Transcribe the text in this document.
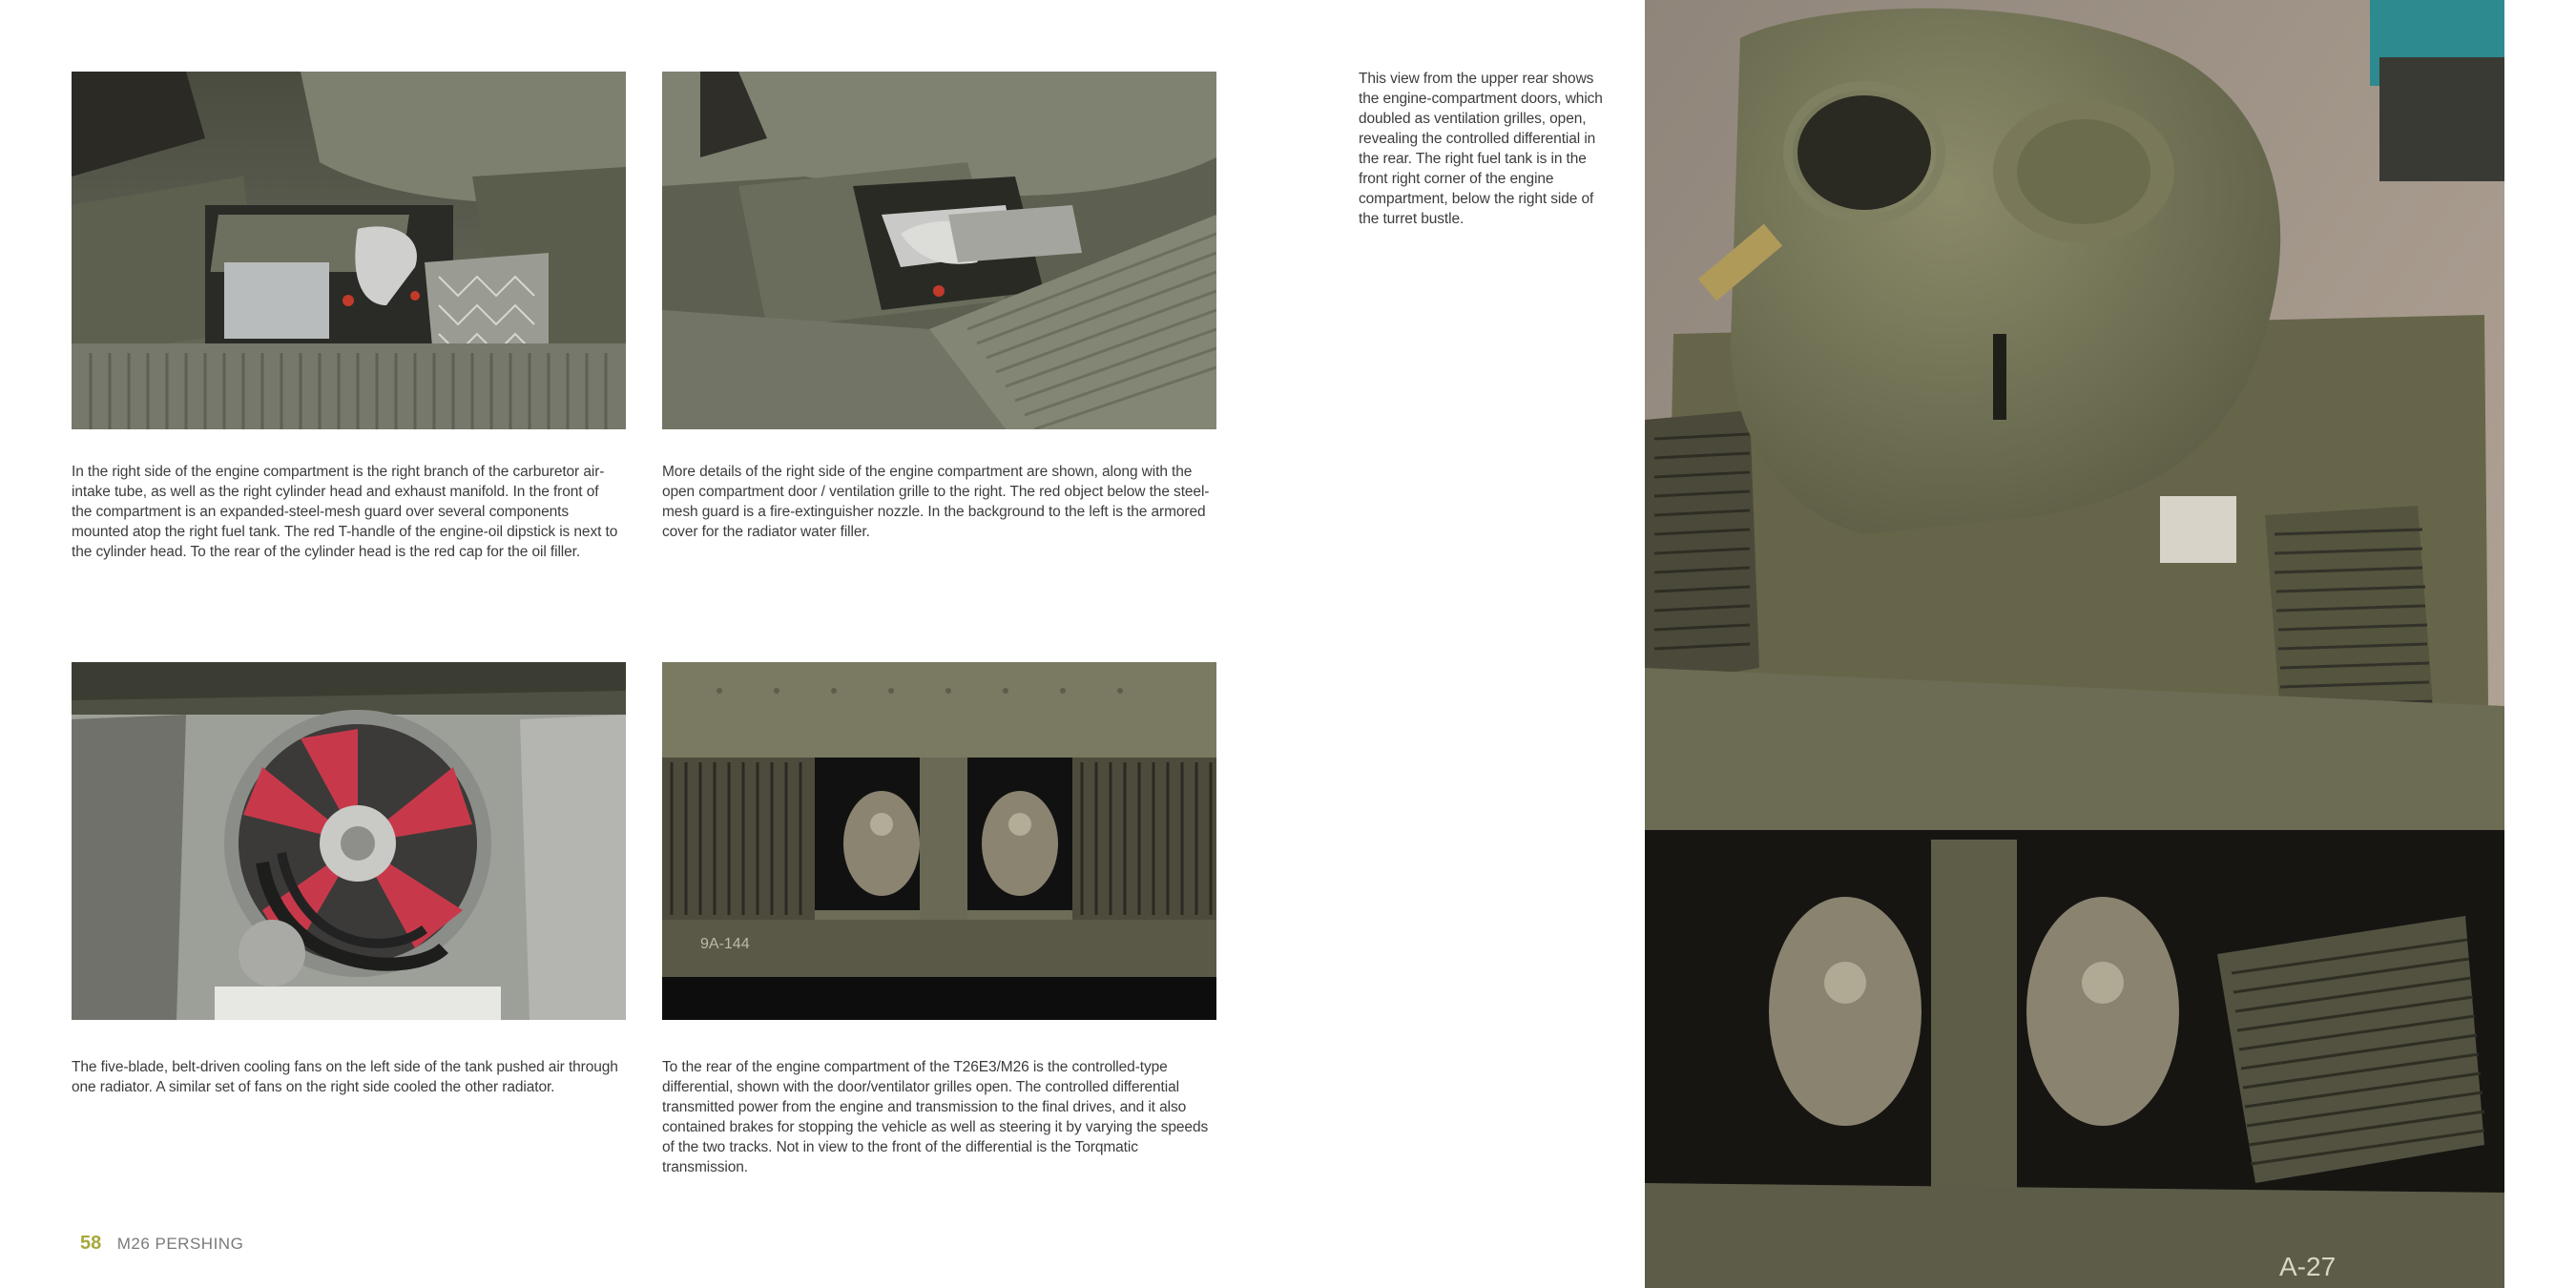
In the right side of the engine compartment is the right branch of the carburetor air-intake tube, as well as the right cylinder head and exhaust manifold. In the front of the compartment is an expanded-steel-mesh guard over several components mounted atop the right fuel tank. The red T-handle of the engine-oil dipstick is next to the cylinder head. To the rear of the cylinder head is the red cap for the oil filler.
More details of the right side of the engine compartment are shown, along with the open compartment door / ventilation grille to the right. The red object below the steel-mesh guard is a fire-extinguisher nozzle. In the background to the left is the armored cover for the radiator water filler.
9A-144
The five-blade, belt-driven cooling fans on the left side of the tank pushed air through one radiator. A similar set of fans on the right side cooled the other radiator.
To the rear of the engine compartment of the T26E3/M26 is the controlled-type differential, shown with the door/ventilator grilles open. The controlled differential transmitted power from the engine and transmission to the final drives, and it also contained brakes for stopping the vehicle as well as steering it by varying the speeds of the two tracks. Not in view to the front of the differential is the Torqmatic transmission.
This view from the upper rear shows the engine-compartment doors, which doubled as ventilation grilles, open, revealing the controlled differential in the rear. The right fuel tank is in the front right corner of the engine compartment, below the right side of the turret bustle.
A-27
58 M26 PERSHING
